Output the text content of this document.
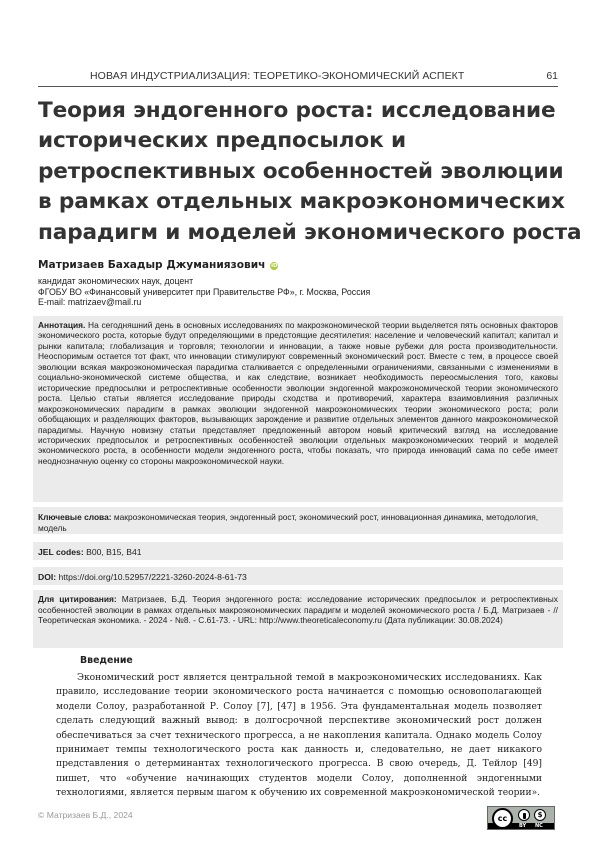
НОВАЯ ИНДУСТРИАЛИЗАЦИЯ: ТЕОРЕТИКО-ЭКОНОМИЧЕСКИЙ АСПЕКТ	61
Теория эндогенного роста: исследование
исторических предпосылок и
ретроспективных особенностей эволюции
в рамках отдельных макроэкономических
парадигм и моделей экономического роста
Матризаев Бахадыр Джуманиязович iD
кандидат экономических наук, доцент
ФГОБУ ВО «Финансовый университет при Правительстве РФ», г. Москва, Россия
E-mail: matrizaev@mail.ru
Аннотация. На сегодняшний день в основных исследованиях по макроэкономической теории выделяется пять основных факторов экономического роста, которые будут определяющими в предстоящие десятилетия: население и человеческий капитал; капитал и рынки капитала; глобализация и торговля; технологии и инновации, а также новые рубежи для роста производительности. Неоспоримым остается тот факт, что инновации стимулируют современный экономический рост. Вместе с тем, в процессе своей эволюции всякая макроэкономическая парадигма сталкивается с определенными ограничениями, связанными с изменениями в социально-экономической системе общества, и как следствие, возникает необходимость переосмысления того, каковы исторические предпосылки и ретроспективные особенности эволюции эндогенной макроэкономической теории экономического роста. Целью статьи является исследование природы сходства и противоречий, характера взаимовлияния различных макроэкономических парадигм в рамках эволюции эндогенной макроэкономических теории экономического роста; роли обобщающих и разделяющих факторов, вызывающих зарождение и развитие отдельных элементов данного макроэкономической парадигмы. Научную новизну статьи представляет предложенный автором новый критический взгляд на исследование исторических предпосылок и ретроспективных особенностей эволюции отдельных макроэкономических теорий и моделей экономического роста, в особенности модели эндогенного роста, чтобы показать, что природа инноваций сама по себе имеет неоднозначную оценку со стороны макроэкономической науки.
Ключевые слова: макроэкономическая теория, эндогенный рост, экономический рост, инновационная динамика, методология, модель
JEL codes: B00, B15, B41
DOI: https://doi.org/10.52957/2221-3260-2024-8-61-73
Для цитирования: Матризаев, Б.Д. Теория эндогенного роста: исследование исторических предпосылок и ретроспективных особенностей эволюции в рамках отдельных макроэкономических парадигм и моделей экономического роста / Б.Д. Матризаев - // Теоретическая экономика. - 2024 - №8. - С.61-73. - URL: http://www.theoreticaleconomy.ru (Дата публикации: 30.08.2024)
Введение

Экономический рост является центральной темой в макроэкономических исследованиях. Как правило, исследование теории экономического роста начинается с помощью основополагающей модели Солоу, разработанной Р. Солоу [7], [47] в 1956. Эта фундаментальная модель позволяет сделать следующий важный вывод: в долгосрочной перспективе экономический рост должен обеспечиваться за счет технического прогресса, а не накопления капитала. Однако модель Солоу принимает темпы технологического роста как данность и, следовательно, не дает никакого представления о детерминантах технологического прогресса. В свою очередь, Д. Тейлор [49] пишет, что «обучение начинающих студентов модели Солоу, дополненной эндогенными технологиями, является первым шагом к обучению их современной макроэкономической теории».

© Матризаев Б.Д., 2024	cc	$
BY NC
